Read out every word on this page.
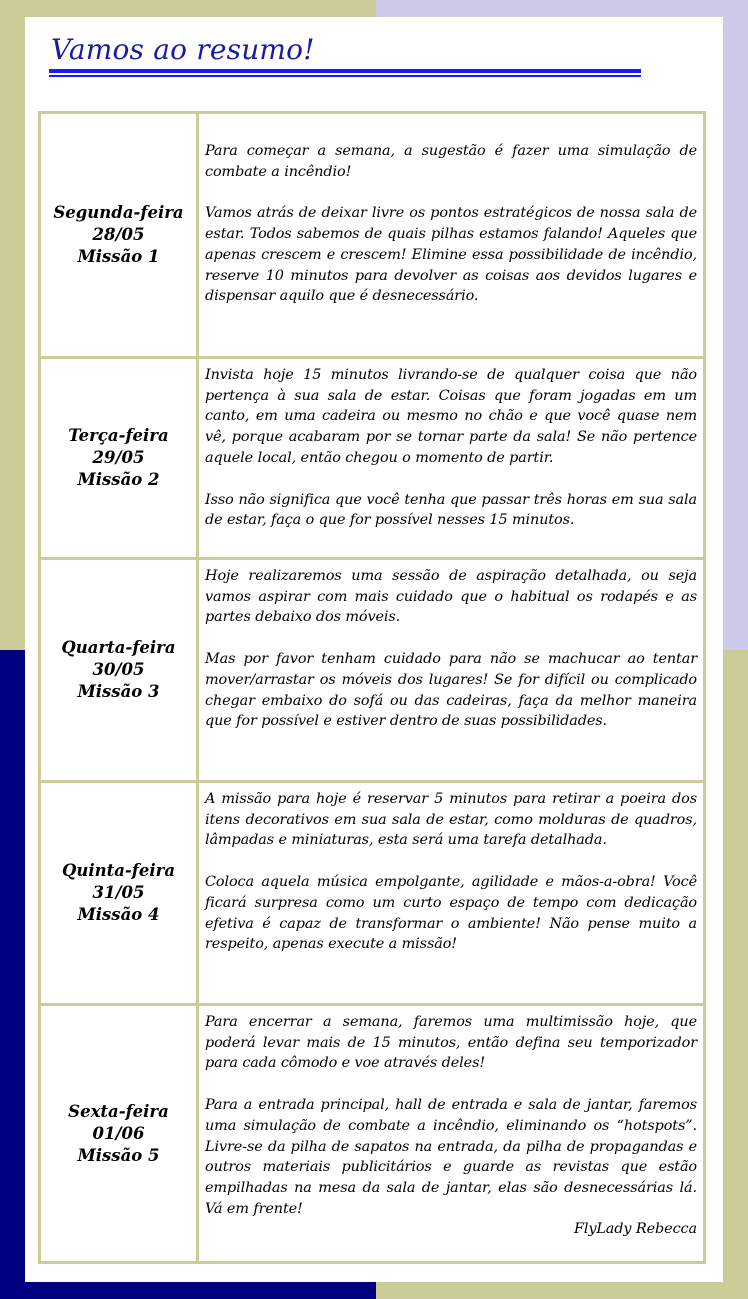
Vamos ao resumo!
Segunda-feira
28/05
Missão 1

Para começar a semana, a sugestão é fazer uma simulação de combate a incêndio!

Vamos atrás de deixar livre os pontos estratégicos de nossa sala de estar. Todos sabemos de quais pilhas estamos falando! Aqueles que apenas crescem e crescem! Elimine essa possibilidade de incêndio, reserve 10 minutos para devolver as coisas aos devidos lugares e dispensar aquilo que é desnecessário.

Terça-feira
29/05
Missão 2

Invista hoje 15 minutos livrando-se de qualquer coisa que não pertença à sua sala de estar. Coisas que foram jogadas em um canto, em uma cadeira ou mesmo no chão e que você quase nem vê, porque acabaram por se tornar parte da sala! Se não pertence aquele local, então chegou o momento de partir.

Isso não significa que você tenha que passar três horas em sua sala de estar, faça o que for possível nesses 15 minutos.

Quarta-feira
30/05
Missão 3

Hoje realizaremos uma sessão de aspiração detalhada, ou seja vamos aspirar com mais cuidado que o habitual os rodapés e as partes debaixo dos móveis.

Mas por favor tenham cuidado para não se machucar ao tentar mover/arrastar os móveis dos lugares! Se for difícil ou complicado chegar embaixo do sofá ou das cadeiras, faça da melhor maneira que for possível e estiver dentro de suas possibilidades.

Quinta-feira
31/05
Missão 4

A missão para hoje é reservar 5 minutos para retirar a poeira dos itens decorativos em sua sala de estar, como molduras de quadros, lâmpadas e miniaturas, esta será uma tarefa detalhada.

Coloca aquela música empolgante, agilidade e mãos-a-obra! Você ficará surpresa como um curto espaço de tempo com dedicação efetiva é capaz de transformar o ambiente! Não pense muito a respeito, apenas execute a missão!

Sexta-feira
01/06
Missão 5

Para encerrar a semana, faremos uma multimissão hoje, que poderá levar mais de 15 minutos, então defina seu temporizador para cada cômodo e voe através deles!

Para a entrada principal, hall de entrada e sala de jantar, faremos uma simulação de combate a incêndio, eliminando os “hotspots”. Livre-se da pilha de sapatos na entrada, da pilha de propagandas e outros materiais publicitários e guarde as revistas que estão empilhadas na mesa da sala de jantar, elas são desnecessárias lá. Vá em frente!

FlyLady Rebecca
